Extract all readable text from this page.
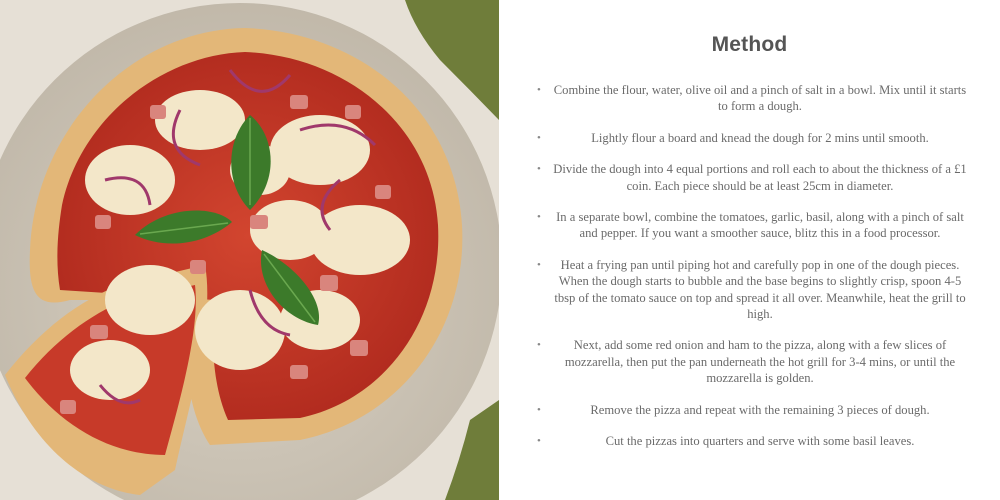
Method
• Combine the flour, water, olive oil and a pinch of salt in a bowl. Mix until it starts to form a dough.
•	Lightly flour a board and knead the dough for 2 mins until smooth.
• Divide the dough into 4 equal portions and roll each to about the thickness of a £1 coin. Each piece should be at least 25cm in diameter.
• In a separate bowl, combine the tomatoes, garlic, basil, along with a pinch of salt and pepper. If you want a smoother sauce, blitz this in a food processor.
• Heat a frying pan until piping hot and carefully pop in one of the dough pieces. When the dough starts to bubble and the base begins to slightly crisp, spoon 4-5 tbsp of the tomato sauce on top and spread it all over. Meanwhile, heat the grill to high.
•	Next, add some red onion and ham to the pizza, along with a few slices of mozzarella, then put the pan underneath the hot grill for 3-4 mins, or until the mozzarella is golden.
•	Remove the pizza and repeat with the remaining 3 pieces of dough.
•	Cut the pizzas into quarters and serve with some basil leaves.
